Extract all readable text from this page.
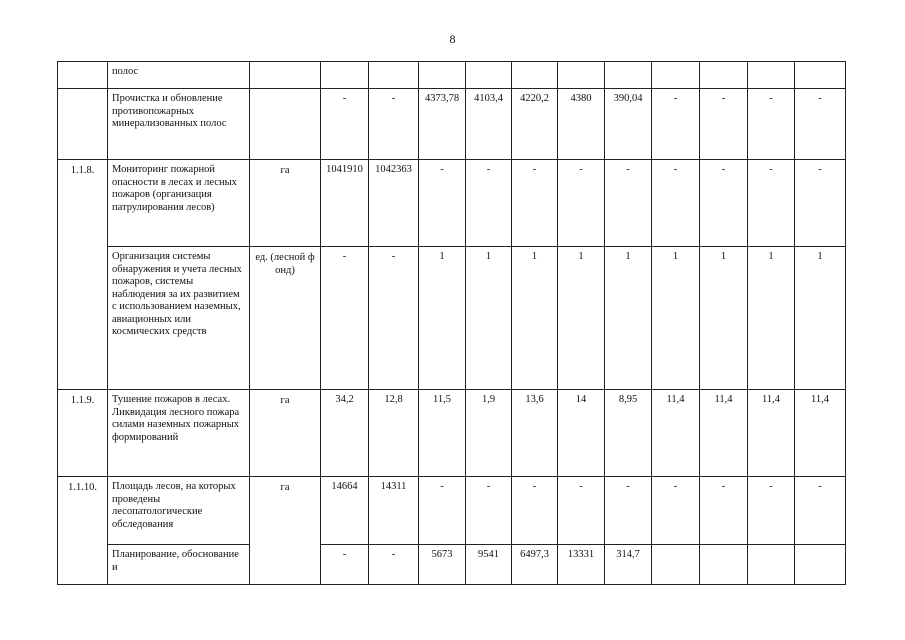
8
	полос												
	Прочистка и обновление противопожарных минерализованных полос		-	-	4373,78	4103,4	4220,2	4380	390,04	-	-	-	-
1.1.8.	Мониторинг пожарной опасности в лесах и лесных пожаров (организация патрулирования лесов)	га	1041910	1042363	-	-	-	-	-	-	-	-	-
	Организация системы обнаружения и учета лесных пожаров, системы наблюдения за их развитием с использованием наземных, авиационных или космических средств	ед. (лесной фонд)	-	-	1	1	1	1	1	1	1	1	1
1.1.9.	Тушение пожаров в лесах. Ликвидация лесного пожара силами наземных пожарных формирований	га	34,2	12,8	11,5	1,9	13,6	14	8,95	11,4	11,4	11,4	11,4
1.1.10.	Площадь лесов, на которых проведены лесопатологические обследования	га	14664	14311	-	-	-	-	-	-	-	-	-
	Планирование, обоснование и		-	-	5673	9541	6497,3	13331	314,7				
